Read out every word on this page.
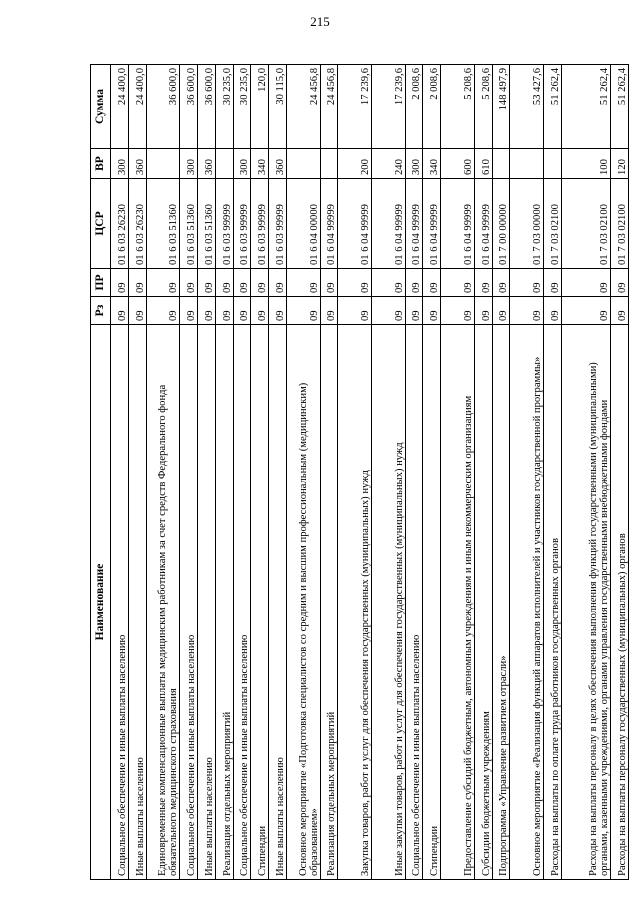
215
Наименование	Рз	ПР	ЦСР	ВР	Сумма
Социальное обеспечение и иные выплаты населению	09	09	01 6 03 26230	300	24 400,0
Иные выплаты населению	09	09	01 6 03 26230	360	24 400,0
Единовременные компенсационные выплаты медицинским работникам за счет средств Федерального фонда обязательного медицинского страхования	09	09	01 6 03 51360		36 600,0
Социальное обеспечение и иные выплаты населению	09	09	01 6 03 51360	300	36 600,0
Иные выплаты населению	09	09	01 6 03 51360	360	36 600,0
Реализация отдельных мероприятий	09	09	01 6 03 99999		30 235,0
Социальное обеспечение и иные выплаты населению	09	09	01 6 03 99999	300	30 235,0
Стипендии	09	09	01 6 03 99999	340	120,0
Иные выплаты населению	09	09	01 6 03 99999	360	30 115,0
Основное мероприятие «Подготовка специалистов со средним и высшим профессиональным (медицинским) образованием»	09	09	01 6 04 00000		24 456,8
Реализация отдельных мероприятий	09	09	01 6 04 99999		24 456,8
Закупка товаров, работ и услуг для обеспечения государственных (муниципальных) нужд	09	09	01 6 04 99999	200	17 239,6
Иные закупки товаров, работ и услуг для обеспечения государственных (муниципальных) нужд	09	09	01 6 04 99999	240	17 239,6
Социальное обеспечение и иные выплаты населению	09	09	01 6 04 99999	300	2 008,6
Стипендии	09	09	01 6 04 99999	340	2 008,6
Предоставление субсидий бюджетным, автономным учреждениям и иным некоммерческим организациям	09	09	01 6 04 99999	600	5 208,6
Субсидии бюджетным учреждениям	09	09	01 6 04 99999	610	5 208,6
Подпрограмма «Управление развитием отрасли»	09	09	01 7 00 00000		148 497,9
Основное мероприятие «Реализация функций аппаратов исполнителей и участников государственной программы»	09	09	01 7 03 00000		53 427,6
Расходы на выплаты по оплате труда работников государственных органов	09	09	01 7 03 02100		51 262,4
Расходы на выплаты персоналу в целях обеспечения выполнения функций государственными (муниципальными) органами, казенными учреждениями, органами управления государственными внебюджетными фондами	09	09	01 7 03 02100	100	51 262,4
Расходы на выплаты персоналу государственных (муниципальных) органов	09	09	01 7 03 02100	120	51 262,4
